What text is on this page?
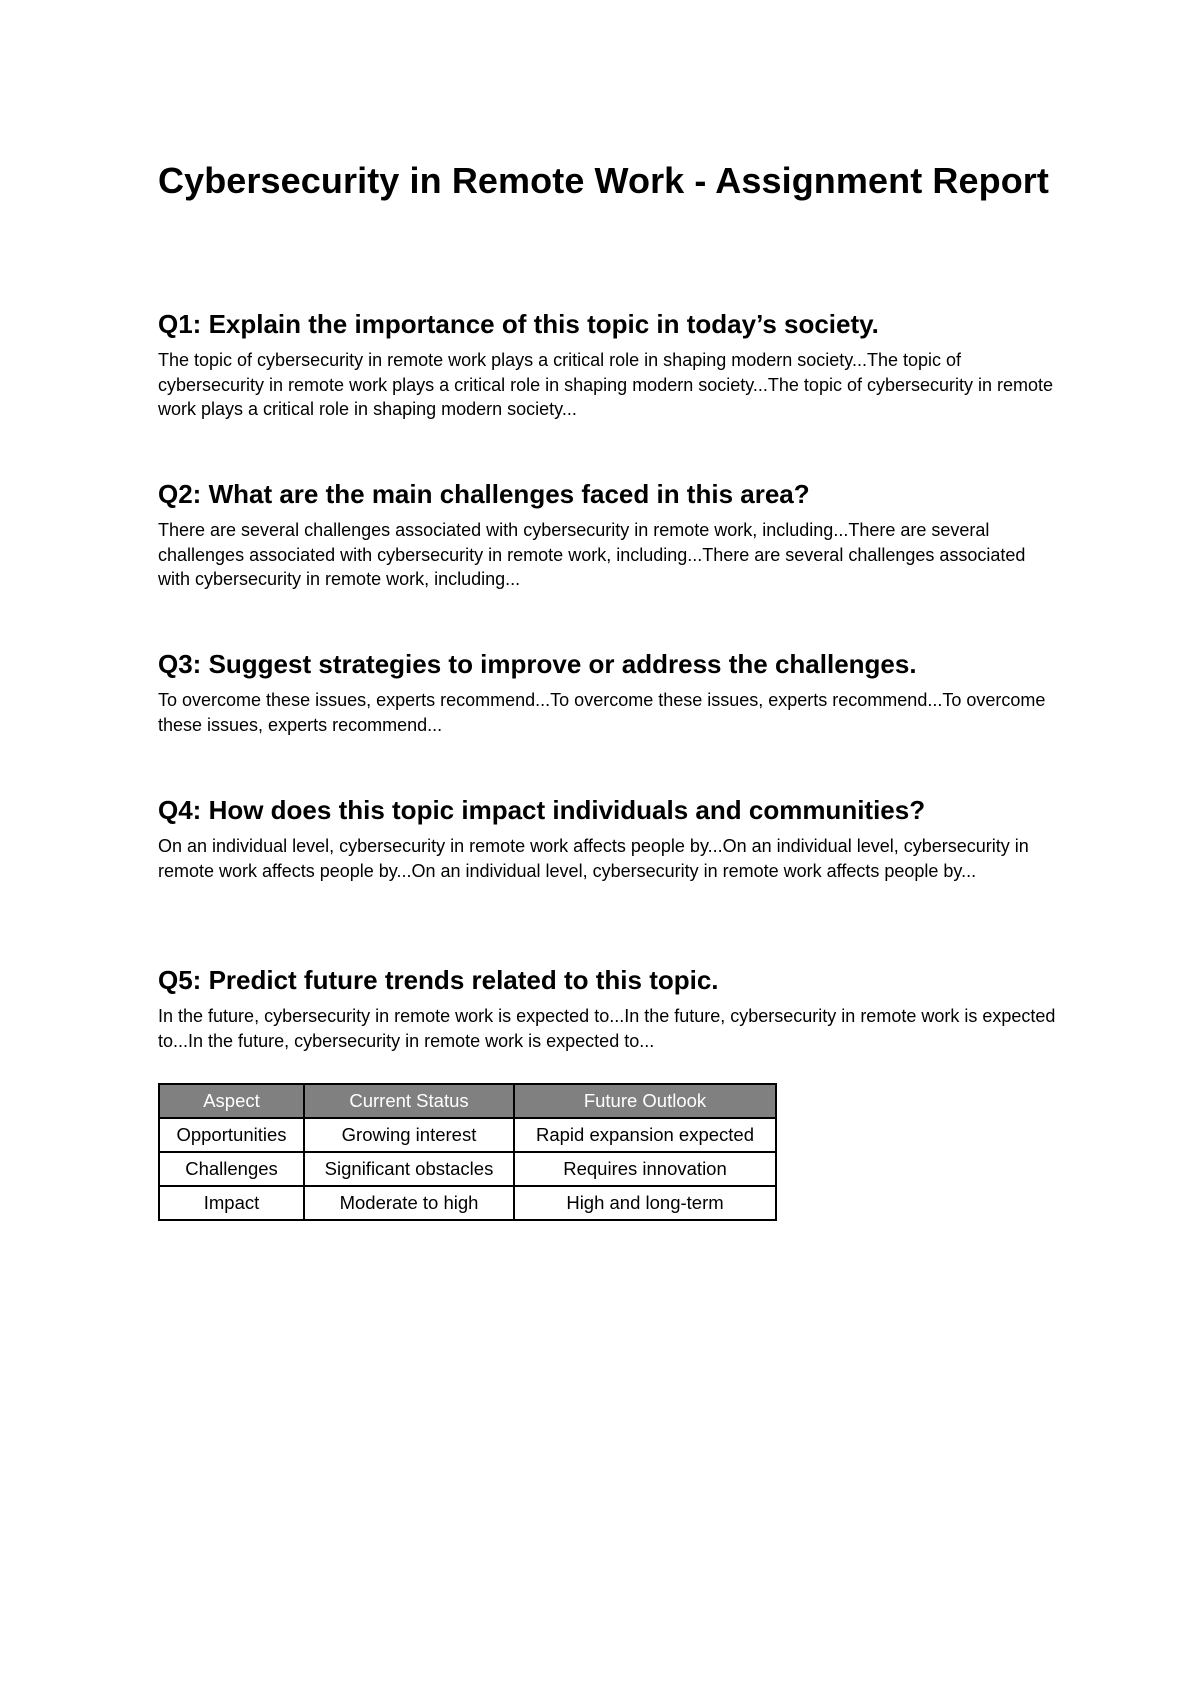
Cybersecurity in Remote Work - Assignment Report
Q1: Explain the importance of this topic in today’s society.

The topic of cybersecurity in remote work plays a critical role in shaping modern society...The topic of cybersecurity in remote work plays a critical role in shaping modern society...The topic of cybersecurity in remote work plays a critical role in shaping modern society...

Q2: What are the main challenges faced in this area?

There are several challenges associated with cybersecurity in remote work, including...There are several challenges associated with cybersecurity in remote work, including...There are several challenges associated with cybersecurity in remote work, including...

Q3: Suggest strategies to improve or address the challenges.

To overcome these issues, experts recommend...To overcome these issues, experts recommend...To overcome these issues, experts recommend...

Q4: How does this topic impact individuals and communities?

On an individual level, cybersecurity in remote work affects people by...On an individual level, cybersecurity in remote work affects people by...On an individual level, cybersecurity in remote work affects people by...

Q5: Predict future trends related to this topic.

In the future, cybersecurity in remote work is expected to...In the future, cybersecurity in remote work is expected to...In the future, cybersecurity in remote work is expected to...

Aspect	Current Status	Future Outlook
Opportunities	Growing interest	Rapid expansion expected
Challenges	Significant obstacles	Requires innovation
Impact	Moderate to high	High and long-term
